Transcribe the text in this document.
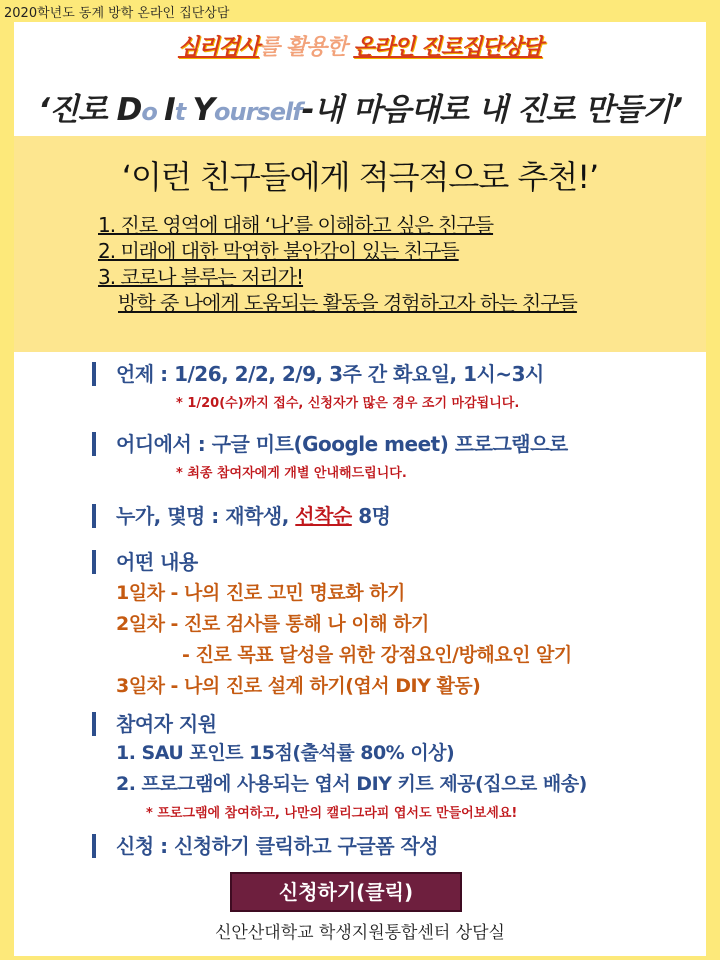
2020학년도 동계 방학 온라인 집단상담
심리검사를 활용한 온라인 진로집단상담
‘진로 Do It Yourself-내 마음대로 내 진로 만들기’
‘이런 친구들에게 적극적으로 추천!’
1. 진로 영역에 대해 ‘나’를 이해하고 싶은 친구들
2. 미래에 대한 막연한 불안감이 있는 친구들
3. 코로나 블루는 저리가!
방학 중 나에게 도움되는 활동을 경험하고자 하는 친구들
언제 : 1/26, 2/2, 2/9, 3주 간 화요일, 1시~3시
* 1/20(수)까지 접수, 신청자가 많은 경우 조기 마감됩니다.
어디에서 : 구글 미트(Google meet) 프로그램으로
* 최종 참여자에게 개별 안내해드립니다.
누가, 몇명 : 재학생, 선착순 8명
어떤 내용
1일차 - 나의 진로 고민 명료화 하기
2일차 - 진로 검사를 통해 나 이해 하기
- 진로 목표 달성을 위한 강점요인/방해요인 알기
3일차 - 나의 진로 설계 하기(엽서 DIY 활동)
참여자 지원
1. SAU 포인트 15점(출석률 80% 이상)
2. 프로그램에 사용되는 엽서 DIY 키트 제공(집으로 배송)
* 프로그램에 참여하고, 나만의 캘리그라피 엽서도 만들어보세요!
신청 : 신청하기 클릭하고 구글폼 작성
신청하기(클릭)
신안산대학교 학생지원통합센터 상담실
